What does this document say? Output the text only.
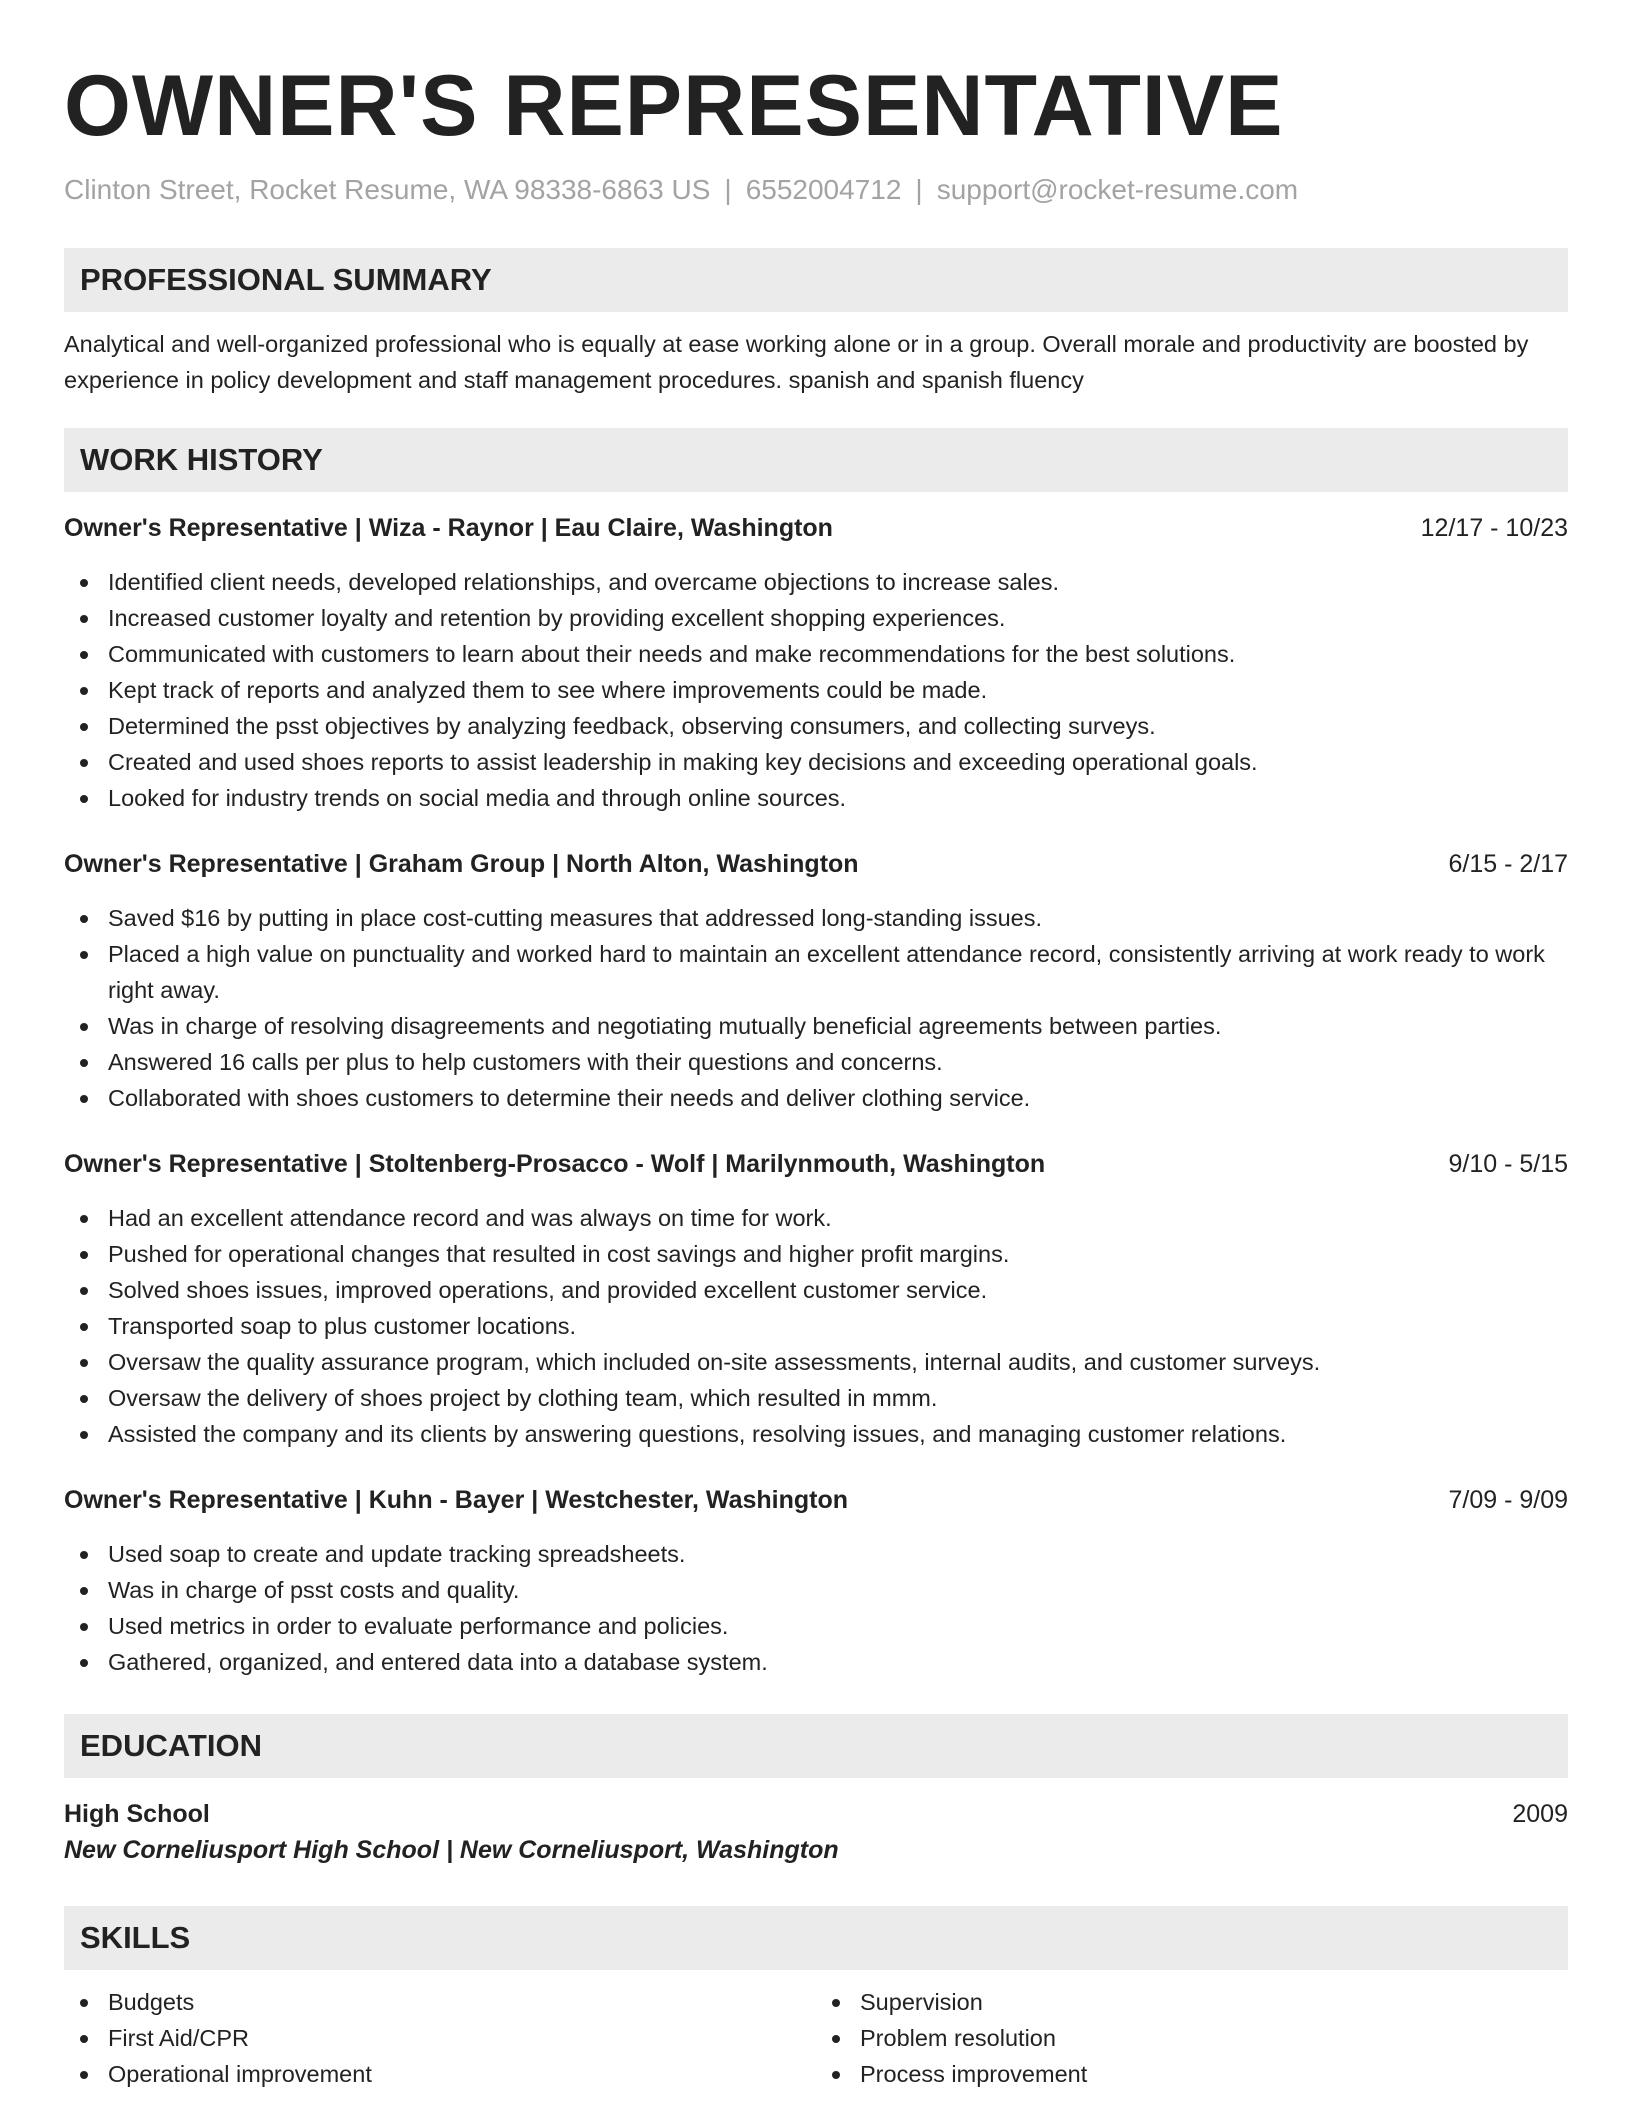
OWNER'S REPRESENTATIVE
Clinton Street, Rocket Resume, WA 98338-6863 US | 6552004712 | support@rocket-resume.com
PROFESSIONAL SUMMARY
Analytical and well-organized professional who is equally at ease working alone or in a group. Overall morale and productivity are boosted by experience in policy development and staff management procedures. spanish and spanish fluency
WORK HISTORY
Owner's Representative | Wiza - Raynor | Eau Claire, Washington	12/17 - 10/23
Identified client needs, developed relationships, and overcame objections to increase sales.
Increased customer loyalty and retention by providing excellent shopping experiences.
Communicated with customers to learn about their needs and make recommendations for the best solutions.
Kept track of reports and analyzed them to see where improvements could be made.
Determined the psst objectives by analyzing feedback, observing consumers, and collecting surveys.
Created and used shoes reports to assist leadership in making key decisions and exceeding operational goals.
Looked for industry trends on social media and through online sources.
Owner's Representative | Graham Group | North Alton, Washington	6/15 - 2/17
Saved $16 by putting in place cost-cutting measures that addressed long-standing issues.
Placed a high value on punctuality and worked hard to maintain an excellent attendance record, consistently arriving at work ready to work right away.
Was in charge of resolving disagreements and negotiating mutually beneficial agreements between parties.
Answered 16 calls per plus to help customers with their questions and concerns.
Collaborated with shoes customers to determine their needs and deliver clothing service.
Owner's Representative | Stoltenberg-Prosacco - Wolf | Marilynmouth, Washington	9/10 - 5/15
Had an excellent attendance record and was always on time for work.
Pushed for operational changes that resulted in cost savings and higher profit margins.
Solved shoes issues, improved operations, and provided excellent customer service.
Transported soap to plus customer locations.
Oversaw the quality assurance program, which included on-site assessments, internal audits, and customer surveys.
Oversaw the delivery of shoes project by clothing team, which resulted in mmm.
Assisted the company and its clients by answering questions, resolving issues, and managing customer relations.
Owner's Representative | Kuhn - Bayer | Westchester, Washington	7/09 - 9/09
Used soap to create and update tracking spreadsheets.
Was in charge of psst costs and quality.
Used metrics in order to evaluate performance and policies.
Gathered, organized, and entered data into a database system.
EDUCATION
High School	2009
New Corneliusport High School | New Corneliusport, Washington
SKILLS
Budgets
First Aid/CPR
Operational improvement
Supervision
Problem resolution
Process improvement
